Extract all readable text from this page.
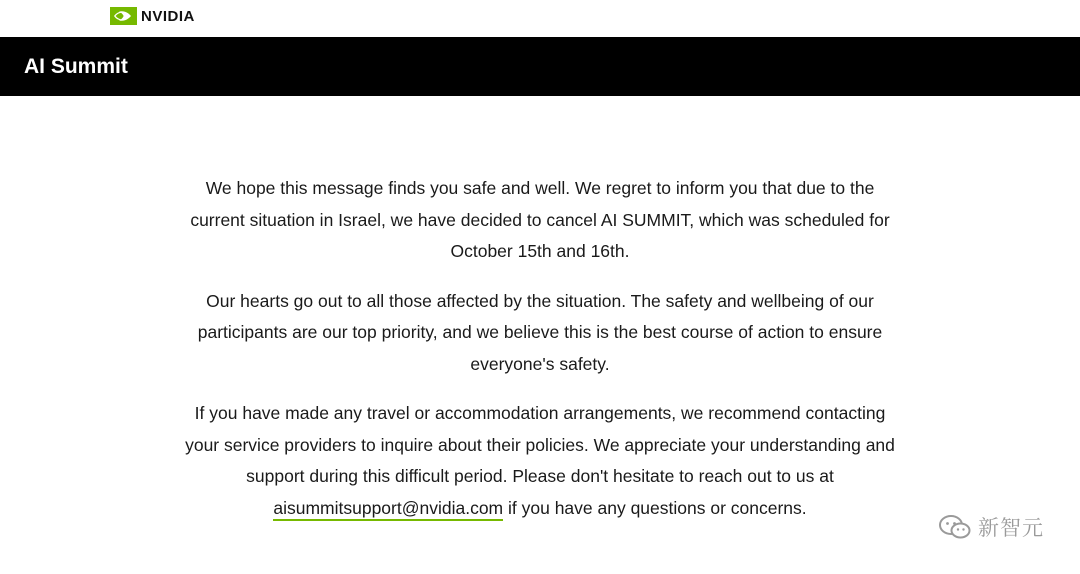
NVIDIA
AI Summit

We hope this message finds you safe and well. We regret to inform you that due to the current situation in Israel, we have decided to cancel AI SUMMIT, which was scheduled for October 15th and 16th.

Our hearts go out to all those affected by the situation. The safety and wellbeing of our participants are our top priority, and we believe this is the best course of action to ensure everyone's safety.

If you have made any travel or accommodation arrangements, we recommend contacting your service providers to inquire about their policies. We appreciate your understanding and support during this difficult period. Please don't hesitate to reach out to us at aisummitsupport@nvidia.com if you have any questions or concerns.

新智元
